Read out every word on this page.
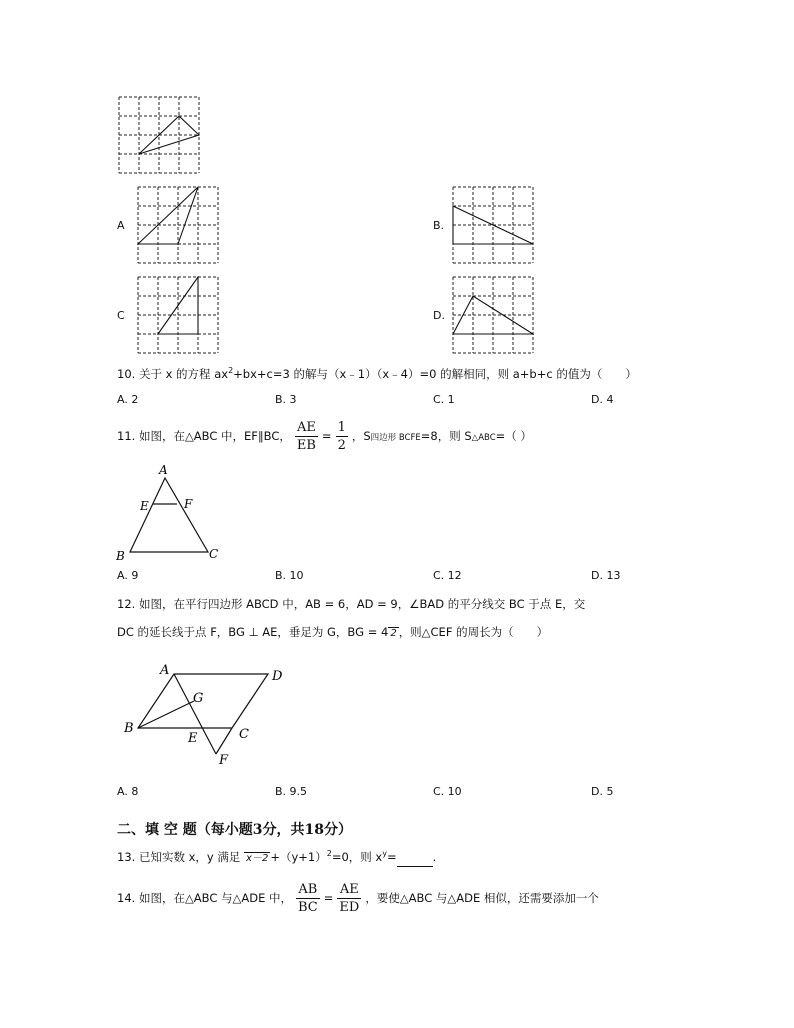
A	B.
C	D.
10. 关于 x 的方程 $ax^2+bx+c=3$ 的解与（x﹣1）（x﹣4）=0 的解相同，则 a+b+c 的值为（　　）
A. 2	B. 3	C. 1	D. 4
11. 如图，在△ABC 中，EF∥BC， $\frac{AE}{EB} = \frac{1}{2}$ ，S四边形 BCFE=8，则 S△ABC=（ ）
A
E	F
B	C
A. 9	B. 10	C. 12	D. 13
12. 如图，在平行四边形 ABCD 中，AB = 6，AD = 9，∠BAD 的平分线交 BC 于点 E，交
DC 的延长线于点 F，BG ⊥ AE，垂足为 G，BG = 4 2 ，则△CEF 的周长为（　　）
A	D
G
B
E	C
F
A. 8	B. 9.5	C. 10	D. 5
二、填 空 题（每小题3分，共18分）
13. 已知实数 x，y 满足 $x-2 +(y+1)^2=0$，则 $x^y=$	.
14. 如图，在△ABC 与△ADE 中， $\frac{AB}{BC} = \frac{AE}{ED}$ ，要使△ABC 与△ADE 相似，还需要添加一个
